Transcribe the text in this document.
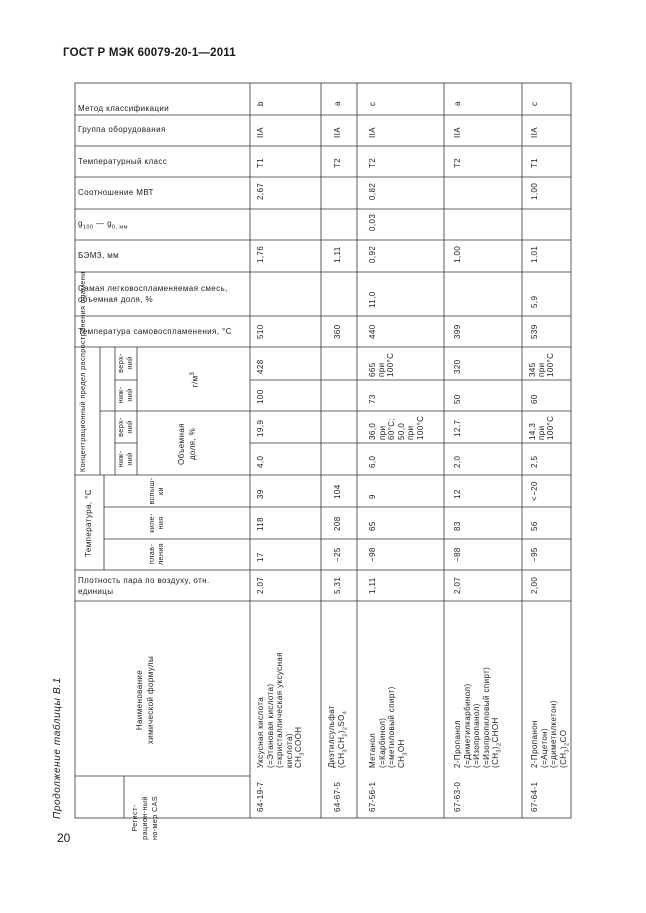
ГОСТ Р МЭК 60079-20-1—2011
Метод классификации
Группа оборудования
Температурный класс
Соотношение МВТ
$g_{100}$ — $g_{0, мм}$
БЭМЗ, мм
Самая легковоспламеняемая смесь, объемная доля, %
Температура самовоспламенения, °С
Плотность пара по воздуху, отн. единицы
Концентрационный предел распространения пламени	верх-ний
ниж-ний
верх-ний
ниж-ний
$г/м^3$
Объемная доля, %
Температура, °С	вспыш-ки
кипе-ния
плав-ления
Наименование химической формулы
Регист-рацион-ный но-мер CAS
b
IIA
T1
2,67
1,76
510
428
100
19,9
4,0
39
118
17
2,07
Уксусная кислота (=Этановая кислота) (=кристаллическая уксусная кислота) $CH_3COOH$
64-19-7
a
IIA
T2
1,11
360
104
208
−25
5,31
Диэтилсульфат $(CH_3CH_2)_2SO_4$
64-67-5
c
IIA
T2
0,82
0,03
0,92
11,0
440
665 при 100°С
73
36,0 при 60°С; 50,0 при 100°С
6,0
9
65
−98
1,11
Метанол (=Карбинол) (=метиловый спирт) $CH_3OH$
67-56-1
a
IIA
T2
1,00
399
320
50
12,7
2,0
12
83
−88
2,07
2-Пропанол (=Диметилкарбинол) (=Изопропанол) (=Изопропиловый спирт) $(CH_3)_2CHOH$
67-63-0
c
IIA
T1
1,00
1,01
5,9
539
345 при 100°С
60
14,3 при 100°С
2,5
<−20
56
−95
2,00
2-Пропанон (=Ацетон) (=диметилкетон) $(CH_3)_2CO$
67-64-1
Продолжение таблицы В.1
20
